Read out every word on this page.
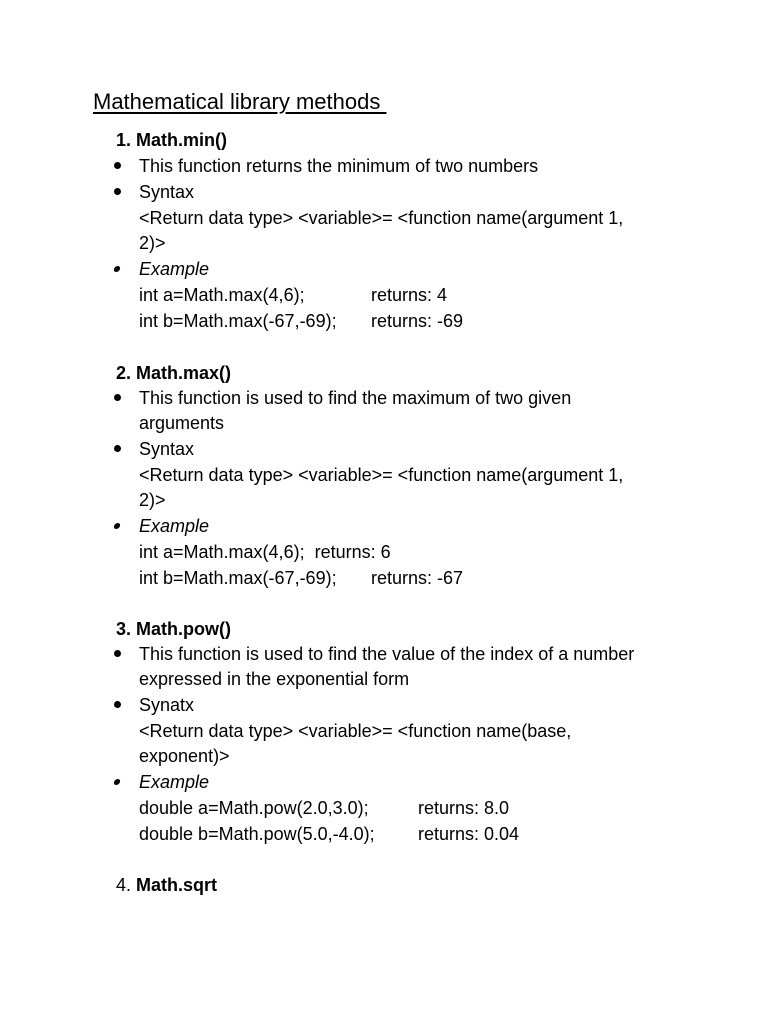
Mathematical library methods
1. Math.min()
This function returns the minimum of two numbers
Syntax
<Return data type> <variable>= <function name(argument 1,
2)>
Example
int a=Math.max(4,6);	returns: 4
int b=Math.max(-67,-69); returns: -69
2. Math.max()
This function is used to find the maximum of two given
arguments
Syntax
<Return data type> <variable>= <function name(argument 1,
2)>
Example
int a=Math.max(4,6); returns: 6
int b=Math.max(-67,-69); returns: -67
3. Math.pow()
This function is used to find the value of the index of a number
expressed in the exponential form
Synatx
<Return data type> <variable>= <function name(base,
exponent)>
Example
double a=Math.pow(2.0,3.0);	returns: 8.0
double b=Math.pow(5.0,-4.0); returns: 0.04
4. Math.sqrt
